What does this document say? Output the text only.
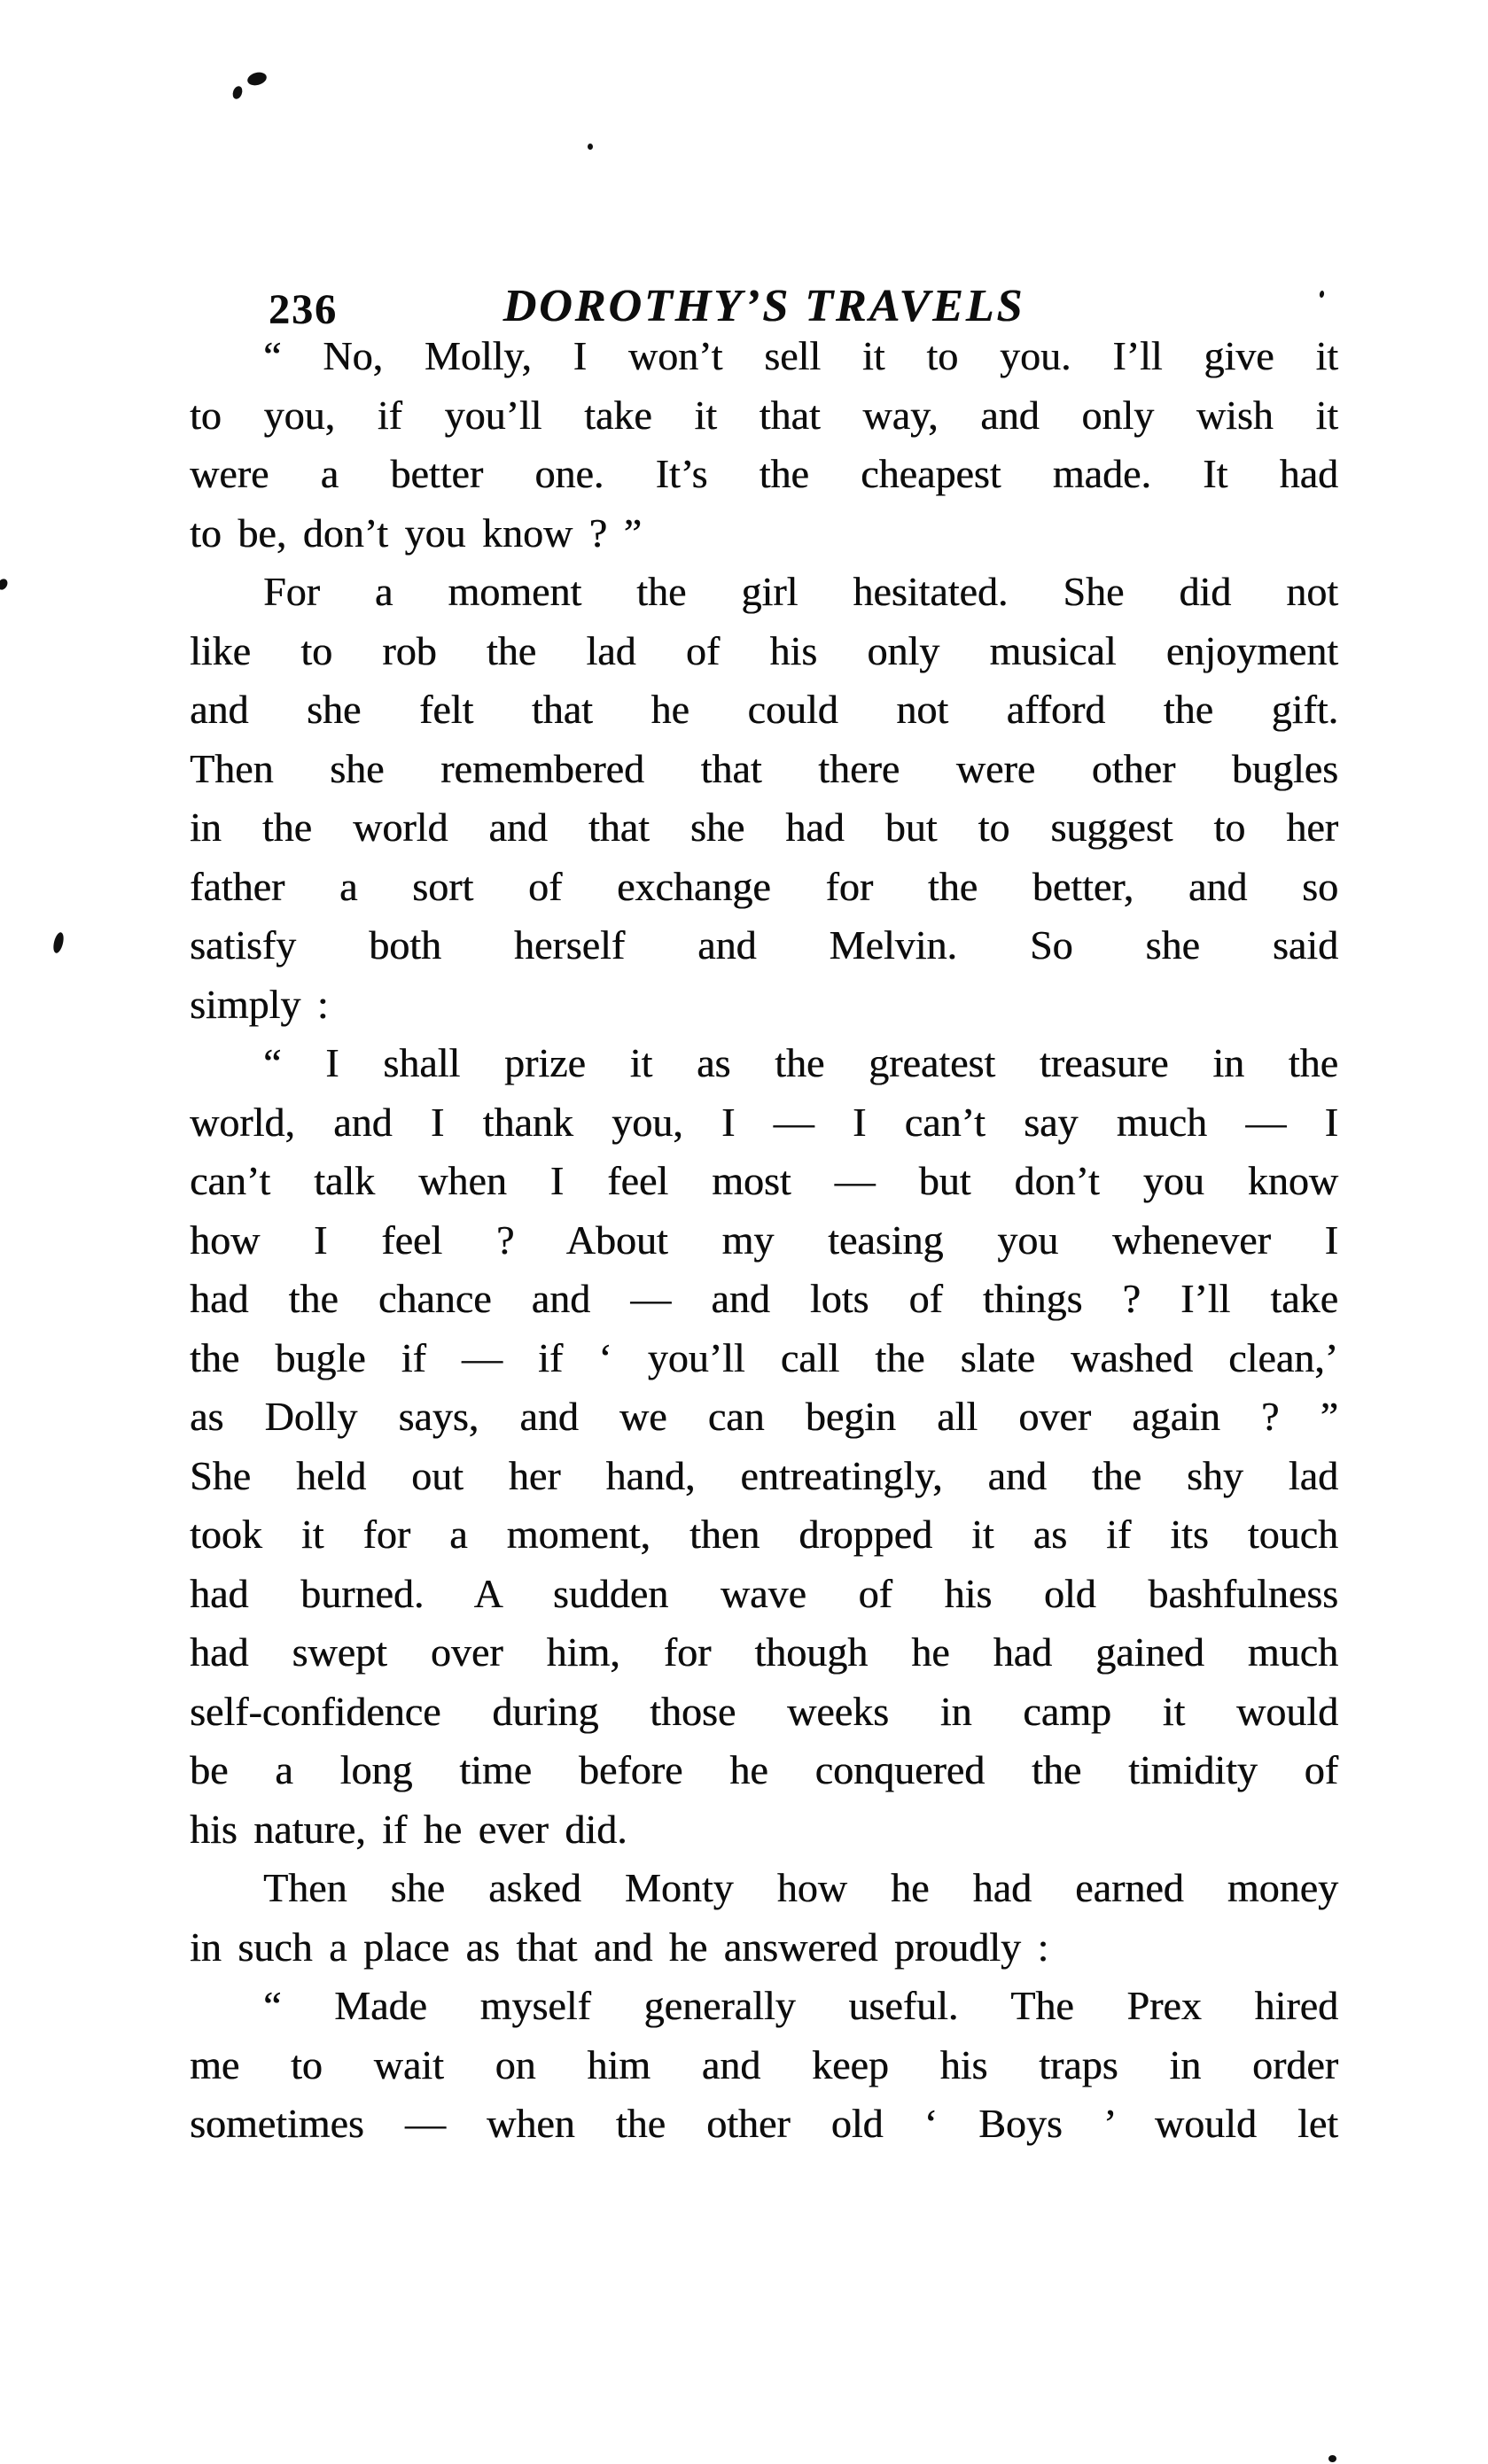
236	DOROTHY’S TRAVELS
“ No, Molly, I won’t sell it to you. I’ll give it
to you, if you’ll take it that way, and only wish it
were a better one. It’s the cheapest made. It had
to be, don’t you know ? ”
For a moment the girl hesitated. She did not
like to rob the lad of his only musical enjoyment
and she felt that he could not afford the gift.
Then she remembered that there were other bugles
in the world and that she had but to suggest to her
father a sort of exchange for the better, and so
satisfy both herself and Melvin. So she said
simply :
“ I shall prize it as the greatest treasure in the
world, and I thank you, I — I can’t say much — I
can’t talk when I feel most — but don’t you know
how I feel ? About my teasing you whenever I
had the chance and — and lots of things ? I’ll take
the bugle if — if ‘ you’ll call the slate washed clean,’
as Dolly says, and we can begin all over again ? ”
She held out her hand, entreatingly, and the shy lad
took it for a moment, then dropped it as if its touch
had burned. A sudden wave of his old bashfulness
had swept over him, for though he had gained much
self-confidence during those weeks in camp it would
be a long time before he conquered the timidity of
his nature, if he ever did.
Then she asked Monty how he had earned money
in such a place as that and he answered proudly :
“ Made myself generally useful. The Prex hired
me to wait on him and keep his traps in order
sometimes — when the other old ‘ Boys ’ would let
